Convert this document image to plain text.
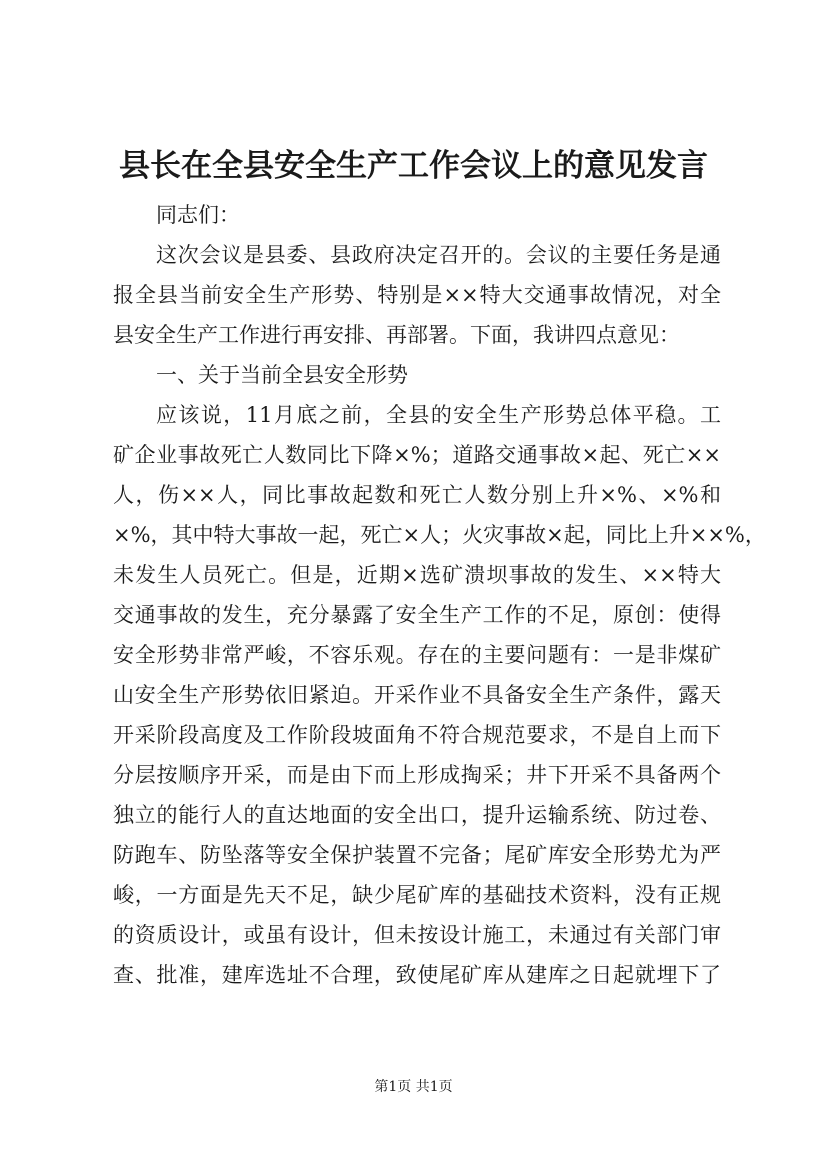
县长在全县安全生产工作会议上的意见发言
同志们：
这次会议是县委、县政府决定召开的。会议的主要任务是通
报全县当前安全生产形势、特别是××特大交通事故情况，对全
县安全生产工作进行再安排、再部署。下面，我讲四点意见：
一、关于当前全县安全形势
应该说，11月底之前，全县的安全生产形势总体平稳。工
矿企业事故死亡人数同比下降×%；道路交通事故×起、死亡××
人，伤××人，同比事故起数和死亡人数分别上升×%、×%和
×%，其中特大事故一起，死亡×人；火灾事故×起，同比上升××%，
未发生人员死亡。但是，近期×选矿溃坝事故的发生、××特大
交通事故的发生，充分暴露了安全生产工作的不足，原创：使得
安全形势非常严峻，不容乐观。存在的主要问题有：一是非煤矿
山安全生产形势依旧紧迫。开采作业不具备安全生产条件，露天
开采阶段高度及工作阶段坡面角不符合规范要求，不是自上而下
分层按顺序开采，而是由下而上形成掏采；井下开采不具备两个
独立的能行人的直达地面的安全出口，提升运输系统、防过卷、
防跑车、防坠落等安全保护装置不完备；尾矿库安全形势尤为严
峻，一方面是先天不足，缺少尾矿库的基础技术资料，没有正规
的资质设计，或虽有设计，但未按设计施工，未通过有关部门审
查、批准，建库选址不合理，致使尾矿库从建库之日起就埋下了
第1页 共1页
